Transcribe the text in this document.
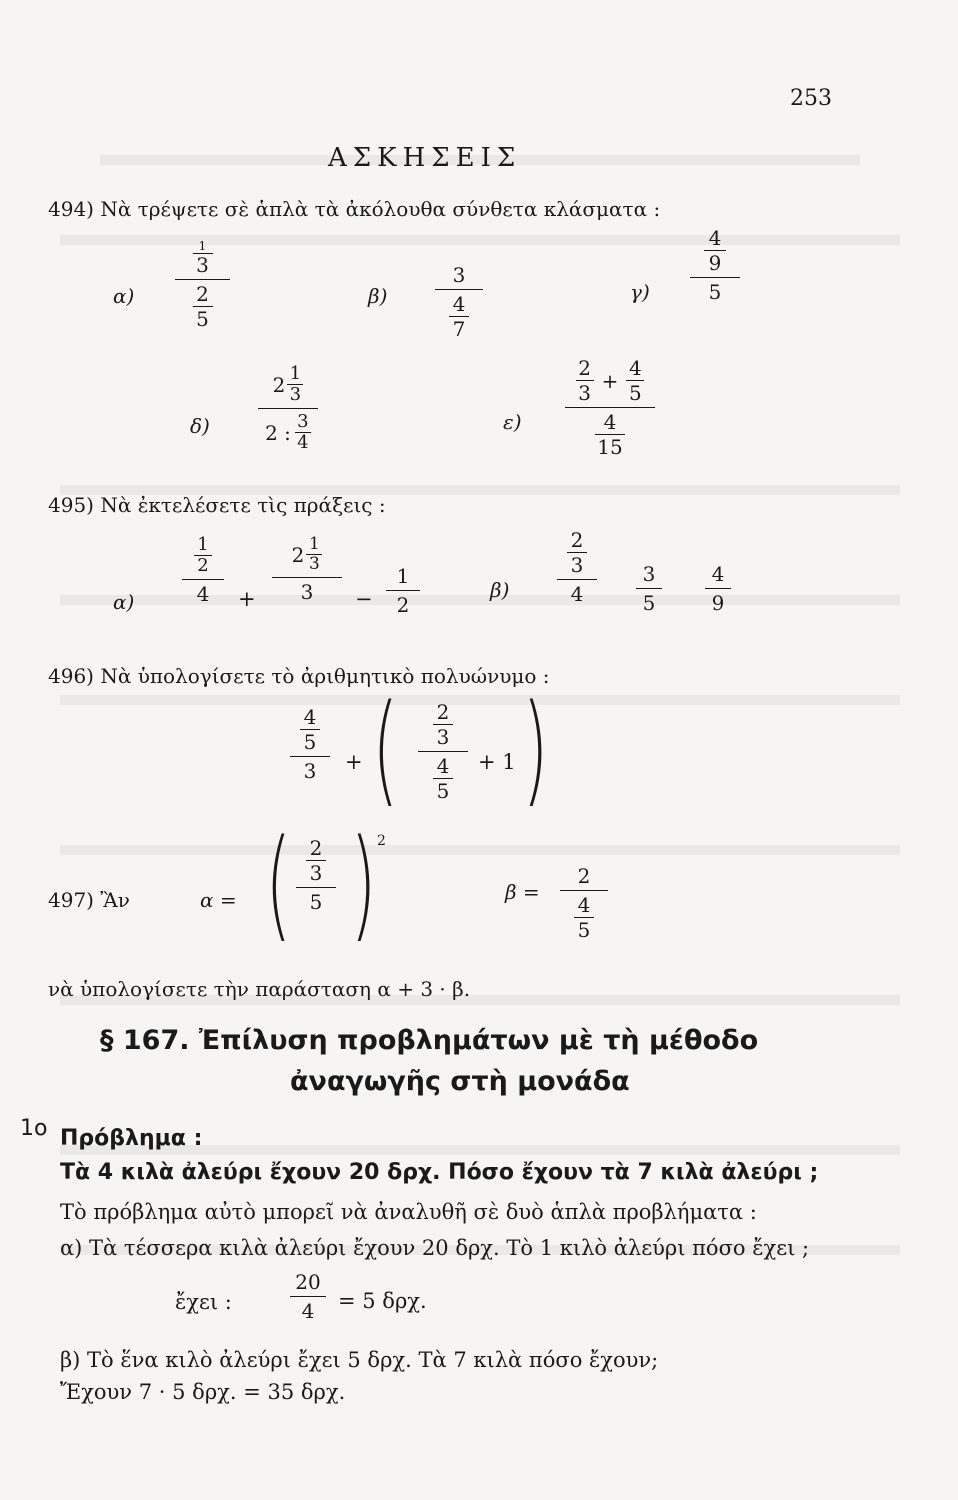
253
ΑΣΚΗΣΕΙΣ
494) Νὰ τρέψετε σὲ ἁπλὰ τὰ ἀκόλουθα σύνθετα κλάσματα :
α)
1
3
2
5
β)
3
4
7
γ)
4
9
5
δ)
2 1
3
2 : 3
4
ε)
2
3
+
4
5
4
15
495) Νὰ ἐκτελέσετε τὶς πράξεις :
α)
1
2
4 +
2 1
3
3 −
1
2
β)
2
3
4
3
5
4
9
496) Νὰ ὑπολογίσετε τὸ ἀριθμητικὸ πολυώνυμο :
4
5
3 + ( 2
3
4
5
+ 1 )
497) Ἂν	α = ( 2
3
5 ) 2
β =
2
4
5
νὰ ὑπολογίσετε τὴν παράσταση α + 3 · β.
§ 167. Ἐπίλυση προβλημάτων μὲ τὴ μέθοδο
ἀναγωγῆς στὴ μονάδα
1ο Πρόβλημα :
Τὰ 4 κιλὰ ἀλεύρι ἔχουν 20 δρχ. Πόσο ἔχουν τὰ 7 κιλὰ ἀλεύρι ;
Τὸ πρόβλημα αὐτὸ μπορεῖ νὰ ἀναλυθῆ σὲ δυὸ ἁπλὰ προβλήματα :
α) Τὰ τέσσερα κιλὰ ἀλεύρι ἔχουν 20 δρχ. Τὸ 1 κιλὸ ἀλεύρι πόσο ἔχει ;
ἔχει :
20
4 = 5 δρχ.
β) Τὸ ἕνα κιλὸ ἀλεύρι ἔχει 5 δρχ. Τὰ 7 κιλὰ πόσο ἔχουν;
Ἔχουν 7 · 5 δρχ. = 35 δρχ.
